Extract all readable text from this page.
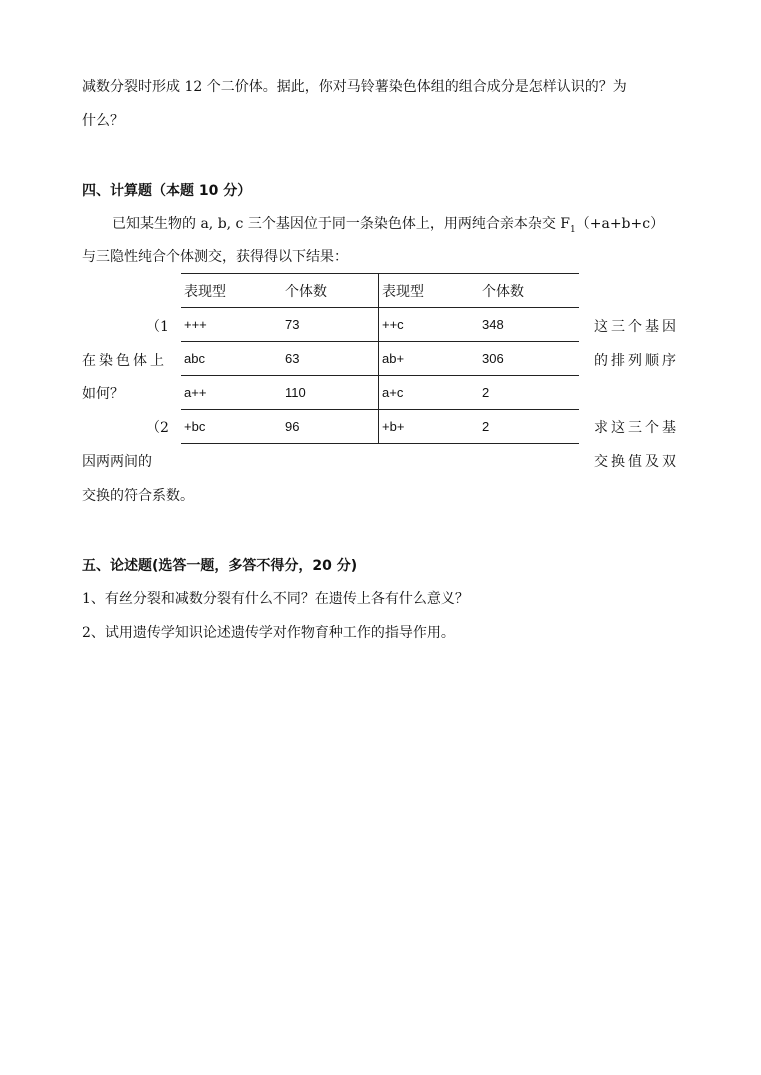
减数分裂时形成 12 个二价体。据此，你对马铃薯染色体组的组合成分是怎样认识的？为
什么？
四、计算题（本题 10 分）
已知某生物的 a, b, c 三个基因位于同一条染色体上，用两纯合亲本杂交 $F_1(+a+b+c)$
与三隐性纯合个体测交，获得得以下结果：
表现型	个体数	表现型	个体数
+++	73	++c	348
abc	63	ab+	306
a++	110	a+c	2
+bc	96	+b+	2
（1	这三个基因
在染色体上	的排列顺序
如何？
（2	求这三个基
因两两间的	交换值及双
交换的符合系数。
五、论述题(选答一题，多答不得分，20 分)
1、有丝分裂和减数分裂有什么不同？在遗传上各有什么意义？
2、试用遗传学知识论述遗传学对作物育种工作的指导作用。
